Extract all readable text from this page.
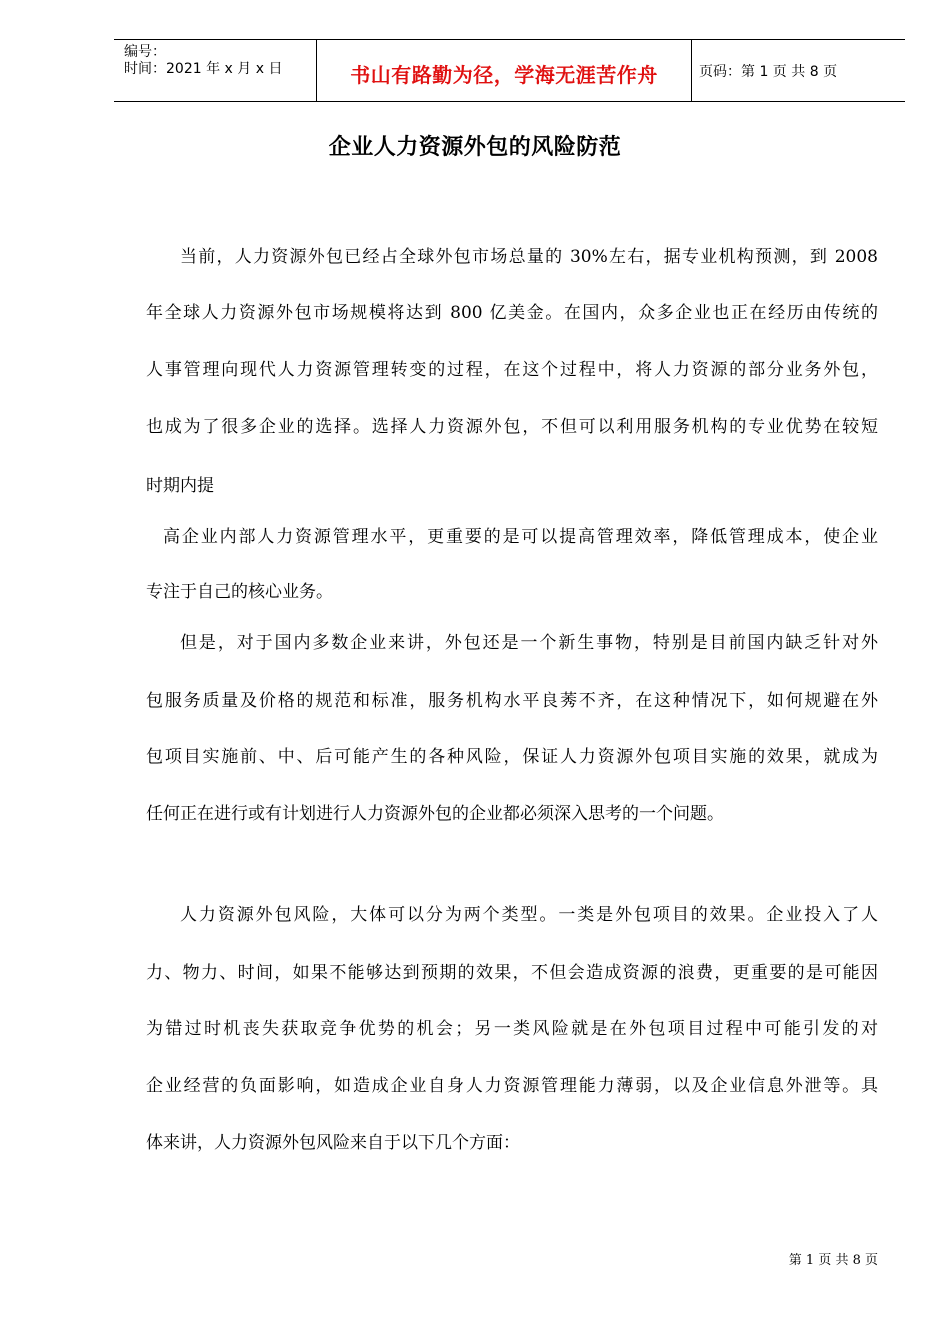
编号：
时间：2021 年 x 月 x 日	书山有路勤为径，学海无涯苦作舟	页码：第 1 页 共 8 页
企业人力资源外包的风险防范
当前，人力资源外包已经占全球外包市场总量的 30%左右，据专业机构预测，到 2008
年全球人力资源外包市场规模将达到 800 亿美金。在国内，众多企业也正在经历由传统的
人事管理向现代人力资源管理转变的过程，在这个过程中，将人力资源的部分业务外包，
也成为了很多企业的选择。选择人力资源外包，不但可以利用服务机构的专业优势在较短
时期内提
高企业内部人力资源管理水平，更重要的是可以提高管理效率，降低管理成本，使企业
专注于自己的核心业务。
但是，对于国内多数企业来讲，外包还是一个新生事物，特别是目前国内缺乏针对外
包服务质量及价格的规范和标准，服务机构水平良莠不齐，在这种情况下，如何规避在外
包项目实施前、中、后可能产生的各种风险，保证人力资源外包项目实施的效果，就成为
任何正在进行或有计划进行人力资源外包的企业都必须深入思考的一个问题。
人力资源外包风险，大体可以分为两个类型。一类是外包项目的效果。企业投入了人
力、物力、时间，如果不能够达到预期的效果，不但会造成资源的浪费，更重要的是可能因
为错过时机丧失获取竞争优势的机会；另一类风险就是在外包项目过程中可能引发的对
企业经营的负面影响，如造成企业自身人力资源管理能力薄弱，以及企业信息外泄等。具
体来讲，人力资源外包风险来自于以下几个方面：
第 1 页 共 8 页
